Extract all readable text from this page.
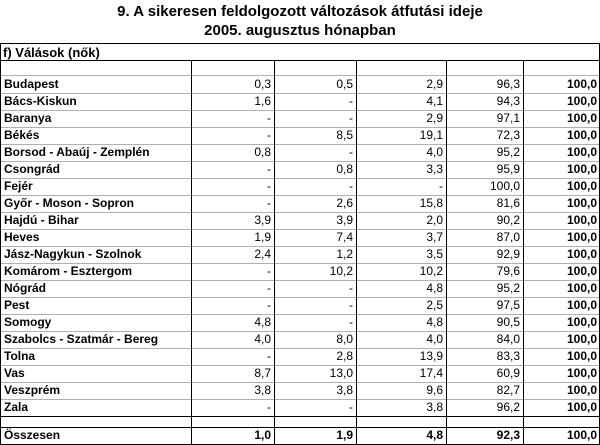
9. A sikeresen feldolgozott változások átfutási ideje
2005. augusztus hónapban
f) Válások (nők)
Budapest	0,3	0,5	2,9	96,3	100,0
Bács-Kiskun	1,6	-	4,1	94,3	100,0
Baranya	-	-	2,9	97,1	100,0
Békés	-	8,5	19,1	72,3	100,0
Borsod - Abaúj - Zemplén	0,8	-	4,0	95,2	100,0
Csongrád	-	0,8	3,3	95,9	100,0
Fejér	-	-	-	100,0	100,0
Győr - Moson - Sopron	-	2,6	15,8	81,6	100,0
Hajdú - Bihar	3,9	3,9	2,0	90,2	100,0
Heves	1,9	7,4	3,7	87,0	100,0
Jász-Nagykun - Szolnok	2,4	1,2	3,5	92,9	100,0
Komárom - Esztergom	-	10,2	10,2	79,6	100,0
Nógrád	-	-	4,8	95,2	100,0
Pest	-	-	2,5	97,5	100,0
Somogy	4,8	-	4,8	90,5	100,0
Szabolcs - Szatmár - Bereg	4,0	8,0	4,0	84,0	100,0
Tolna	-	2,8	13,9	83,3	100,0
Vas	8,7	13,0	17,4	60,9	100,0
Veszprém	3,8	3,8	9,6	82,7	100,0
Zala	-	-	3,8	96,2	100,0
Összesen	1,0	1,9	4,8	92,3	100,0
